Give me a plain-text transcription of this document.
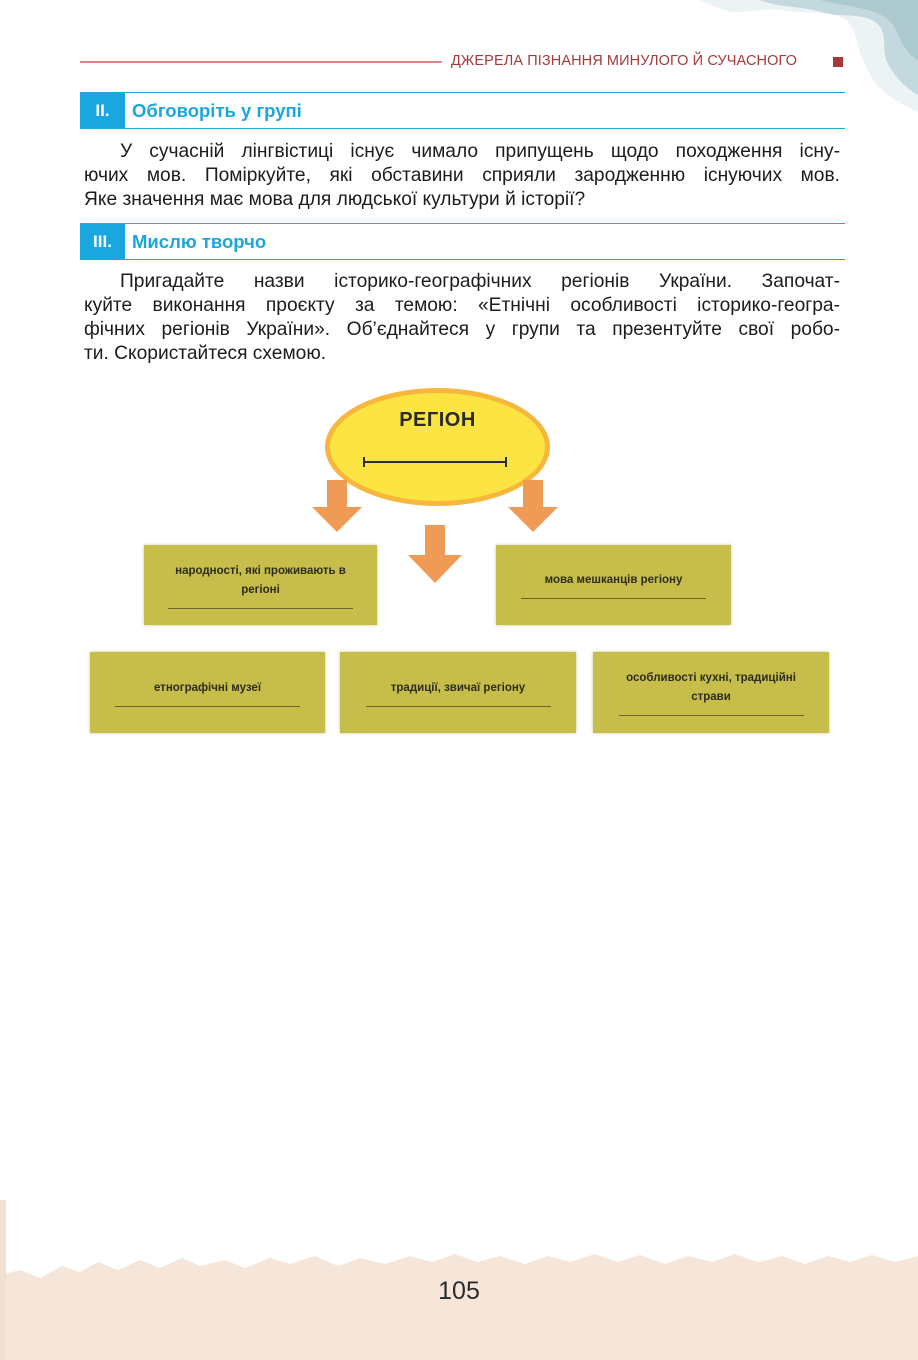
ДЖЕРЕЛА ПІЗНАННЯ МИНУЛОГО Й СУЧАСНОГО
II.	Обговоріть у групі

У сучасній лінгвістиці існує чимало припущень щодо походження існу-
ючих мов. Поміркуйте, які обставини сприяли зародженню існуючих мов.
Яке значення має мова для людської культури й історії?

III.	Мислю творчо

Пригадайте назви історико-географічних регіонів України. Започат-
куйте виконання проєкту за темою: «Етнічні особливості історико-геогра-
фічних регіонів України». Об’єднайтеся у групи та презентуйте свої робо-
ти. Скористайтеся схемою.

РЕГІОН
народності, які проживають в регіоні
мова мешканців регіону
етнографічні музеї	традиції, звичаї регіону
особливості кухні, традиційні страви
105
